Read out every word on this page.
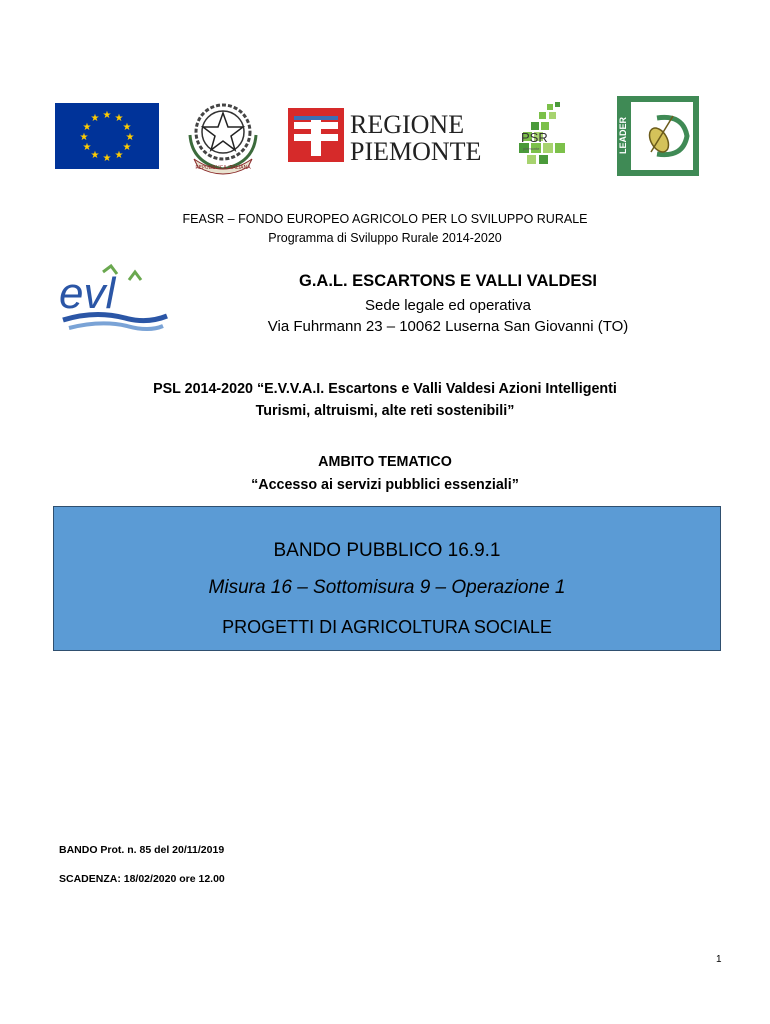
★ ★
★
★
★
★
★
★
★
★
★
★
REPUBBLICA ITALIANA
REGIONE
PIEMONTE	PSR
piemonte	LEADER
evl
FEASR – FONDO EUROPEO AGRICOLO PER LO SVILUPPO RURALE
Programma di Sviluppo Rurale 2014-2020
G.A.L. ESCARTONS E VALLI VALDESI
Sede legale ed operativa
Via Fuhrmann 23 – 10062 Luserna San Giovanni (TO)
PSL 2014-2020 “E.V.V.A.I. Escartons e Valli Valdesi Azioni Intelligenti
Turismi, altruismi, alte reti sostenibili”
AMBITO TEMATICO
“Accesso ai servizi pubblici essenziali”
BANDO PUBBLICO 16.9.1
Misura 16 – Sottomisura 9 – Operazione 1
PROGETTI DI AGRICOLTURA SOCIALE
BANDO Prot. n. 85 del 20/11/2019
SCADENZA: 18/02/2020 ore 12.00
1
